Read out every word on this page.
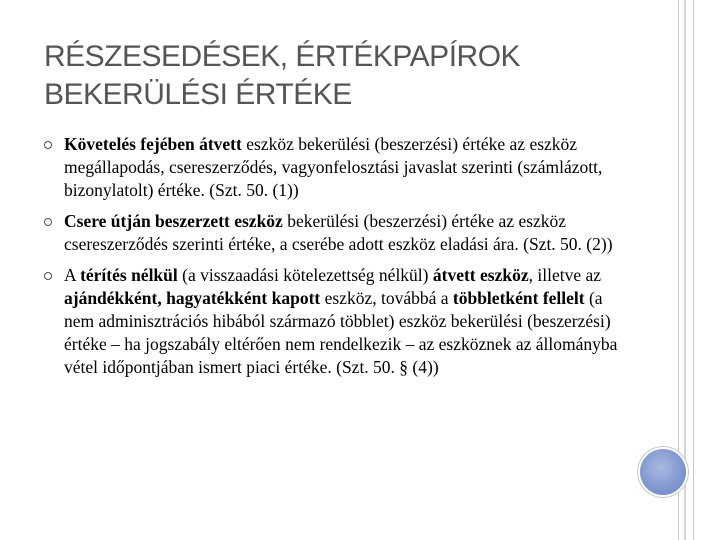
RÉSZESEDÉSEK, ÉRTÉKPAPÍROK
BEKERÜLÉSI ÉRTÉKE
Követelés fejében átvett eszköz bekerülési (beszerzési) értéke az eszköz megállapodás, csereszerződés, vagyonfelosztási javaslat szerinti (számlázott, bizonylatolt) értéke. (Szt. 50. (1))
Csere útján beszerzett eszköz bekerülési (beszerzési) értéke az eszköz csereszerződés szerinti értéke, a cserébe adott eszköz eladási ára. (Szt. 50. (2))
A térítés nélkül (a visszaadási kötelezettség nélkül) átvett eszköz, illetve az ajándékként, hagyatékként kapott eszköz, továbbá a többletként fellelt (a nem adminisztrációs hibából származó többlet) eszköz bekerülési (beszerzési) értéke – ha jogszabály eltérően nem rendelkezik – az eszköznek az állományba vétel időpontjában ismert piaci értéke. (Szt. 50. § (4))
